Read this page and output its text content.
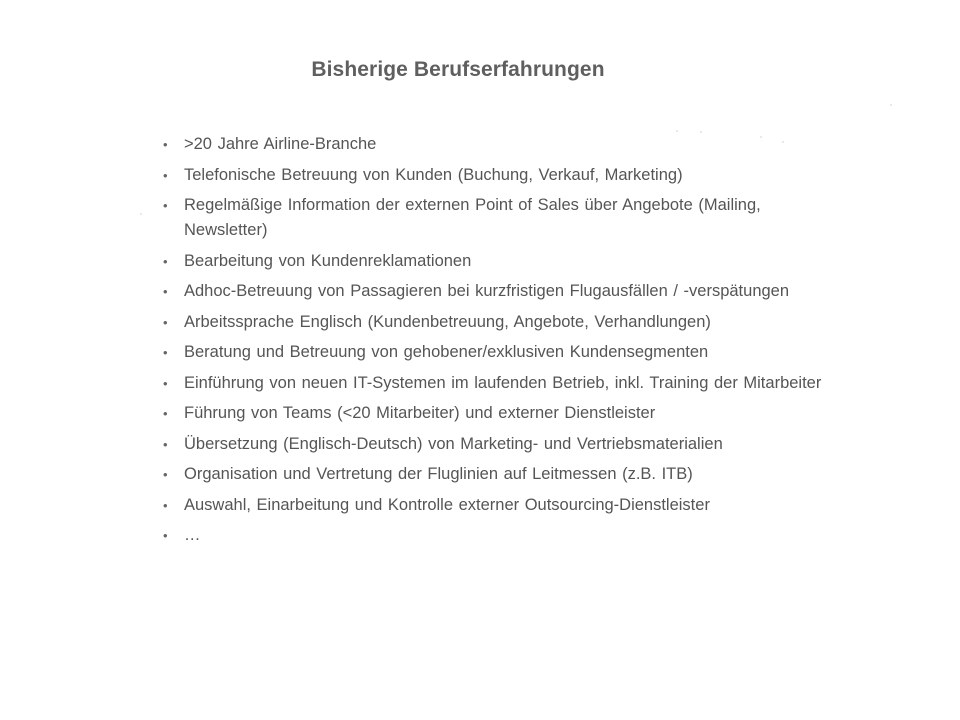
Bisherige Berufserfahrungen
• >20 Jahre Airline-Branche
• Telefonische Betreuung von Kunden (Buchung, Verkauf, Marketing)
• Regelmäßige Information der externen Point of Sales über Angebote (Mailing, Newsletter)
• Bearbeitung von Kundenreklamationen
• Adhoc-Betreuung von Passagieren bei kurzfristigen Flugausfällen / -verspätungen
• Arbeitssprache Englisch (Kundenbetreuung, Angebote, Verhandlungen)
• Beratung und Betreuung von gehobener/exklusiven Kundensegmenten
• Einführung von neuen IT-Systemen im laufenden Betrieb, inkl. Training der Mitarbeiter
• Führung von Teams (<20 Mitarbeiter) und externer Dienstleister
• Übersetzung (Englisch-Deutsch) von Marketing- und Vertriebsmaterialien
• Organisation und Vertretung der Fluglinien auf Leitmessen (z.B. ITB)
• Auswahl, Einarbeitung und Kontrolle externer Outsourcing-Dienstleister
• …
